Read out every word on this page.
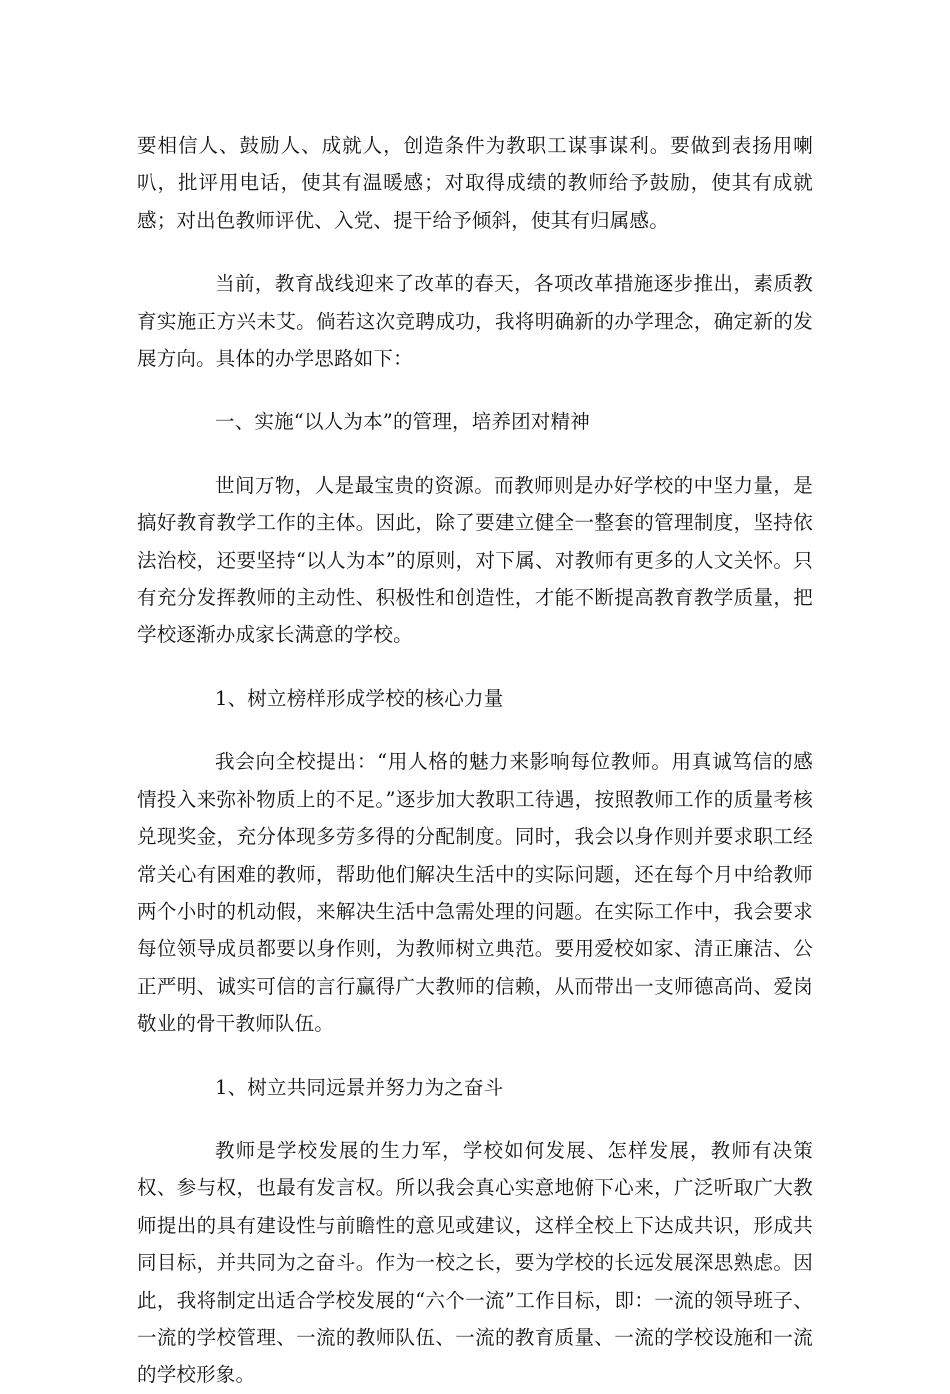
要相信人、鼓励人、成就人，创造条件为教职工谋事谋利。要做到表扬用喇叭，批评用电话，使其有温暖感；对取得成绩的教师给予鼓励，使其有成就感；对出色教师评优、入党、提干给予倾斜，使其有归属感。

当前，教育战线迎来了改革的春天，各项改革措施逐步推出，素质教育实施正方兴未艾。倘若这次竞聘成功，我将明确新的办学理念，确定新的发展方向。具体的办学思路如下：

一、实施“以人为本”的管理，培养团对精神

世间万物，人是最宝贵的资源。而教师则是办好学校的中坚力量，是搞好教育教学工作的主体。因此，除了要建立健全一整套的管理制度，坚持依法治校，还要坚持“以人为本”的原则，对下属、对教师有更多的人文关怀。只有充分发挥教师的主动性、积极性和创造性，才能不断提高教育教学质量，把学校逐渐办成家长满意的学校。

1、树立榜样形成学校的核心力量

我会向全校提出：“用人格的魅力来影响每位教师。用真诚笃信的感情投入来弥补物质上的不足。”逐步加大教职工待遇，按照教师工作的质量考核兑现奖金，充分体现多劳多得的分配制度。同时，我会以身作则并要求职工经常关心有困难的教师，帮助他们解决生活中的实际问题，还在每个月中给教师两个小时的机动假，来解决生活中急需处理的问题。在实际工作中，我会要求每位领导成员都要以身作则，为教师树立典范。要用爱校如家、清正廉洁、公正严明、诚实可信的言行赢得广大教师的信赖，从而带出一支师德高尚、爱岗敬业的骨干教师队伍。

1、树立共同远景并努力为之奋斗

教师是学校发展的生力军，学校如何发展、怎样发展，教师有决策权、参与权，也最有发言权。所以我会真心实意地俯下心来，广泛听取广大教师提出的具有建设性与前瞻性的意见或建议，这样全校上下达成共识，形成共同目标，并共同为之奋斗。作为一校之长，要为学校的长远发展深思熟虑。因此，我将制定出适合学校发展的“六个一流”工作目标，即：一流的领导班子、一流的学校管理、一流的教师队伍、一流的教育质量、一流的学校设施和一流的学校形象。
